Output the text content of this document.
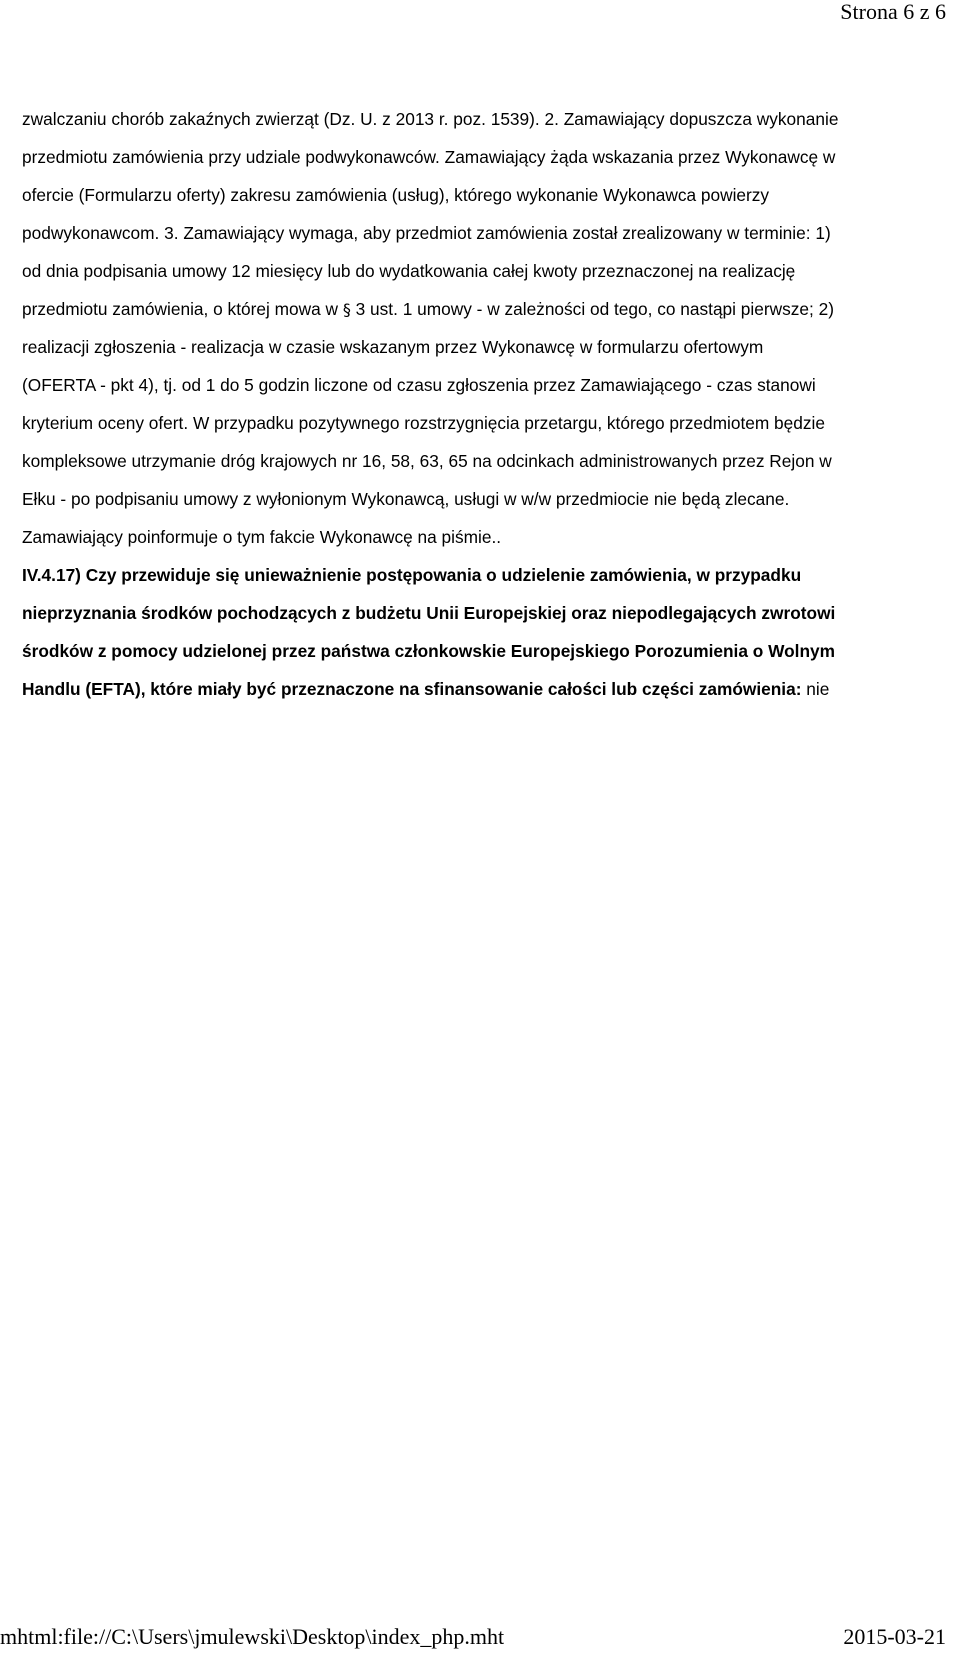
Strona 6 z 6
zwalczaniu chorób zakaźnych zwierząt (Dz. U. z 2013 r. poz. 1539). 2. Zamawiający dopuszcza wykonanie
przedmiotu zamówienia przy udziale podwykonawców. Zamawiający żąda wskazania przez Wykonawcę w
ofercie (Formularzu oferty) zakresu zamówienia (usług), którego wykonanie Wykonawca powierzy
podwykonawcom. 3. Zamawiający wymaga, aby przedmiot zamówienia został zrealizowany w terminie: 1)
od dnia podpisania umowy 12 miesięcy lub do wydatkowania całej kwoty przeznaczonej na realizację
przedmiotu zamówienia, o której mowa w § 3 ust. 1 umowy - w zależności od tego, co nastąpi pierwsze; 2)
realizacji zgłoszenia - realizacja w czasie wskazanym przez Wykonawcę w formularzu ofertowym
(OFERTA - pkt 4), tj. od 1 do 5 godzin liczone od czasu zgłoszenia przez Zamawiającego - czas stanowi
kryterium oceny ofert. W przypadku pozytywnego rozstrzygnięcia przetargu, którego przedmiotem będzie
kompleksowe utrzymanie dróg krajowych nr 16, 58, 63, 65 na odcinkach administrowanych przez Rejon w
Ełku - po podpisaniu umowy z wyłonionym Wykonawcą, usługi w w/w przedmiocie nie będą zlecane.
Zamawiający poinformuje o tym fakcie Wykonawcę na piśmie..
IV.4.17) Czy przewiduje się unieważnienie postępowania o udzielenie zamówienia, w przypadku
nieprzyznania środków pochodzących z budżetu Unii Europejskiej oraz niepodlegających zwrotowi
środków z pomocy udzielonej przez państwa członkowskie Europejskiego Porozumienia o Wolnym
Handlu (EFTA), które miały być przeznaczone na sfinansowanie całości lub części zamówienia: nie
mhtml:file://C:\Users\jmulewski\Desktop\index_php.mht	2015-03-21
